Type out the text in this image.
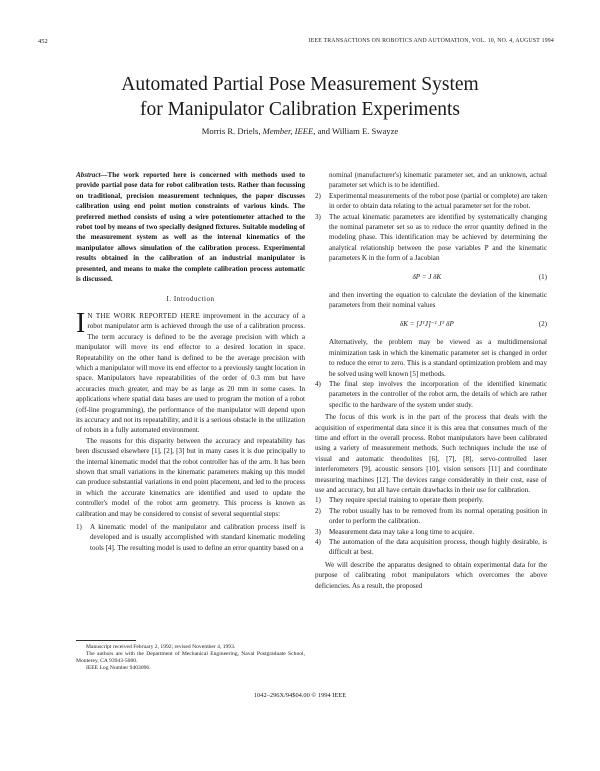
452	IEEE TRANSACTIONS ON ROBOTICS AND AUTOMATION, VOL. 10, NO. 4, AUGUST 1994
Automated Partial Pose Measurement System
for Manipulator Calibration Experiments
Morris R. Driels, Member, IEEE, and William E. Swayze

Abstract—The work reported here is concerned with methods used to provide partial pose data for robot calibration tests. Rather than focussing on traditional, precision measurement techniques, the paper discusses calibration using end point motion constraints of various kinds. The preferred method consists of using a wire potentiometer attached to the robot tool by means of two specially designed fixtures. Suitable modeling of the measurement system as well as the internal kinematics of the manipulator allows simulation of the calibration process. Experimental results obtained in the calibration of an industrial manipulator is presented, and means to make the complete calibration process automatic is discussed.

I. Introduction

IN THE WORK REPORTED HERE improvement in the accuracy of a robot manipulator arm is achieved through the use of a calibration process. The term accuracy is defined to be the average precision with which a manipulator will move its end effector to a desired location in space. Repeatability on the other hand is defined to be the average precision with which a manipulator will move its end effector to a previously taught location in space. Manipulators have repeatabilities of the order of 0.3 mm but have accuracies much greater, and may be as large as 20 mm in some cases. In applications where spatial data bases are used to program the motion of a robot (off-line programming), the performance of the manipulator will depend upon its accuracy and not its repeatability, and it is a serious obstacle in the utilization of robots in a fully automated environment.

The reasons for this disparity between the accuracy and repeatability has been discussed elsewhere [1], [2], [3] but in many cases it is due principally to the internal kinematic model that the robot controller has of the arm. It has been shown that small variations in the kinematic parameters making up this model can produce substantial variations in end point placement, and led to the process in which the accurate kinematics are identified and used to update the controller's model of the robot arm geometry. This process is known as calibration and may be considered to consist of several sequential steps:

1)	A kinematic model of the manipulator and calibration process itself is developed and is usually accomplished with standard kinematic modeling tools [4]. The resulting model is used to define an error quantity based on a

Manuscript received February 2, 1992; revised November 4, 1993.

The authors are with the Department of Mechanical Engineering, Naval Postgraduate School, Monterey, CA 93943-5000.

IEEE Log Number 9403096.

nominal (manufacturer's) kinematic parameter set, and an unknown, actual parameter set which is to be identified.
2)	Experimental measurements of the robot pose (partial or complete) are taken in order to obtain data relating to the actual parameter set for the robot.
3)	The actual kinematic parameters are identified by systematically changing the nominal parameter set so as to reduce the error quantity defined in the modeling phase. This identification may be achieved by determining the analytical relationship between the pose variables P and the kinematic parameters K in the form of a Jacobian
δP = J δK	(1)

and then inverting the equation to calculate the deviation of the kinematic parameters from their nominal values

δK = [JᵀJ]⁻¹ Jᵀ δP	(2)

Alternatively, the problem may be viewed as a multidimensional minimization task in which the kinematic parameter set is changed in order to reduce the error to zero. This is a standard optimization problem and may be solved using well known [5] methods.

4)	The final step involves the incorporation of the identified kinematic parameters in the controller of the robot arm, the details of which are rather specific to the hardware of the system under study.

The focus of this work is in the part of the process that deals with the acquisition of experimental data since it is this area that consumes much of the time and effort in the overall process. Robot manipulators have been calibrated using a variety of measurement methods. Such techniques include the use of visual and automatic theodolites [6], [7], [8], servo-controlled laser interferometers [9], acoustic sensors [10], vision sensors [11] and coordinate measuring machines [12]. The devices range considerably in their cost, ease of use and accuracy, but all have certain drawbacks in their use for calibration.

1)	They require special training to operate them properly.
2)	The robot usually has to be removed from its normal operating position in order to perform the calibration.
3)	Measurement data may take a long time to acquire.
4)	The automation of the data acquisition process, though highly desirable, is difficult at best.

We will describe the apparatus designed to obtain experimental data for the purpose of calibrating robot manipulators which overcomes the above deficiencies. As a result, the proposed

1042–296X/94$04.00 © 1994 IEEE
